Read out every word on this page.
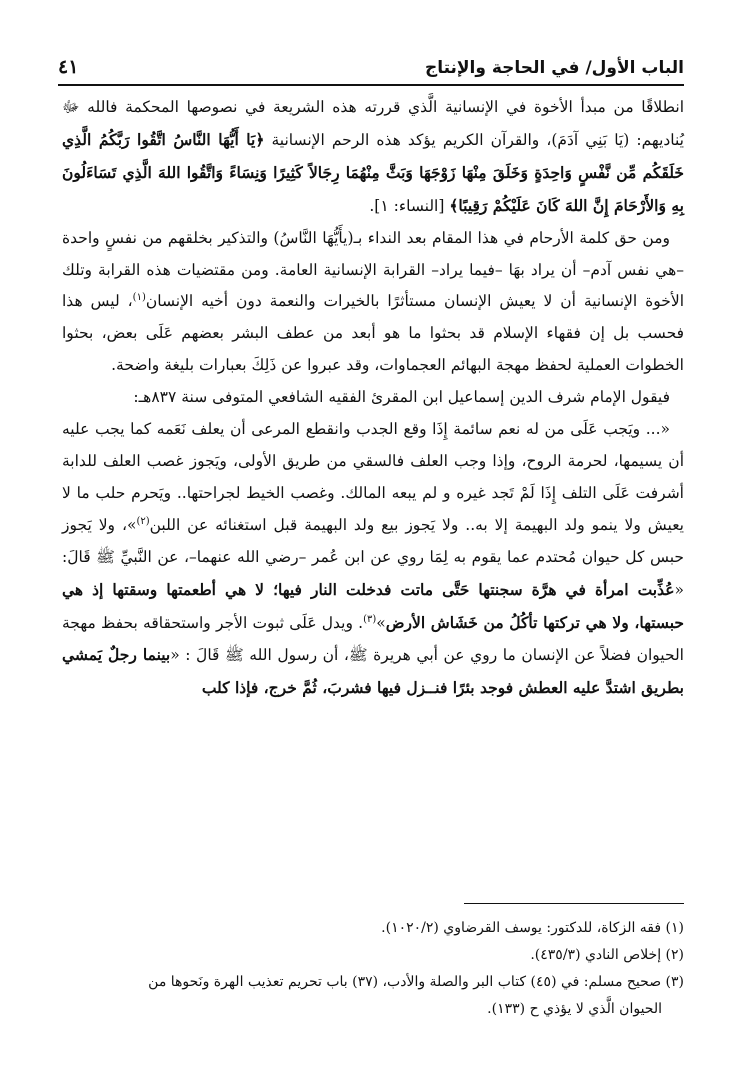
الباب الأول/ في الحاجة والإنتاج
٤١

انطلاقًا من مبدأ الأخوة في الإنسانية الَّذي قررته هذه الشريعة في نصوصها المحكمة فالله ﷻ يُناديهم: (يَا بَنِي آدَمَ)، والقرآن الكريم يؤكد هذه الرحم الإنسانية ﴿يَا أَيُّهَا النَّاسُ اتَّقُوا رَبَّكُمُ الَّذِي خَلَقَكُم مِّن نَّفْسٍ وَاحِدَةٍ وَخَلَقَ مِنْهَا زَوْجَهَا وَبَثَّ مِنْهُمَا رِجَالاً كَثِيرًا وَنِسَاءً وَاتَّقُوا اللهَ الَّذِي تَسَاءَلُونَ بِهِ وَالأَرْحَامَ إِنَّ اللهَ كَانَ عَلَيْكُمْ رَقِيبًا﴾ [النساء: ١].

ومن حق كلمة الأرحام في هذا المقام بعد النداء بـ(يأَيُّهَا النَّاسُ) والتذكير بخلقهم من نفسٍ واحدة –هي نفس آدم– أن يراد بهَا –فيما يراد– القرابة الإنسانية العامة. ومن مقتضيات هذه القرابة وتلك الأخوة الإنسانية أن لا يعيش الإنسان مستأثرًا بالخيرات والنعمة دون أخيه الإنسان$^{(١)}$، ليس هذا فحسب بل إن فقهاء الإسلام قد بحثوا ما هو أبعد من عطف البشر بعضهم عَلَى بعض، بحثوا الخطوات العملية لحفظ مهجة البهائم العجماوات، وقد عبروا عن ذَلِكَ بعبارات بليغة واضحة.

فيقول الإمام شرف الدين إسماعيل ابن المقرئ الفقيه الشافعي المتوفى سنة ٨٣٧هـ:

«... ويَجب عَلَى من له نعم سائمة إِذَا وقع الجدب وانقطع المرعى أن يعلف نَعَمه كما يجب عليه أن يسيمها، لحرمة الروح، وإذا وجب العلف فالسقي من طريق الأولى، ويَجوز غصب العلف للدابة أشرفت عَلَى التلف إِذَا لَمْ تَجد غيره و لم يبعه المالك. وغصب الخيط لجراحتها.. ويَحرم حلب ما لا يعيش ولا ينمو ولد البهيمة إلا به.. ولا يَجوز بيع ولد البهيمة قبل استغنائه عن اللبن$^{(٢)}$»، ولا يَجوز حبس كل حيوان مُحتدم عما يقوم به لِمَا روي عن ابن عُمر –رضي الله عنهما–، عن النَّبيِّ ﷺ قَالَ: «عُذِّبت امرأة في هرَّة سجنتها حَتَّى ماتت فدخلت النار فيها؛ لا هي أطعمتها وسقتها إذ هي حبستها، ولا هي تركتها تأكُلُ من خَشَاش الأرض»$^{(٣)}$. ويدل عَلَى ثبوت الأجر واستحقاقه بحفظ مهجة الحيوان فضلاً عن الإنسان ما روي عن أبي هريرة ﷺ، أن رسول الله ﷺ قَالَ : «بينما رجلٌ يَمشي بطريق اشتدَّ عليه العطش فوجد بئرًا فنــزل فيها فشربَ، ثُمَّ خرج، فإذا كلب

(١) فقه الزكاة، للدكتور: يوسف القرضاوي (١٠٢٠/٢).

(٢) إخلاص النادي (٤٣٥/٣).

(٣) صحيح مسلم: في (٤٥) كتاب البر والصلة والأدب، (٣٧) باب تحريم تعذيب الهرة ونَحوها من

الحيوان الَّذي لا يؤذي ح (١٣٣).
